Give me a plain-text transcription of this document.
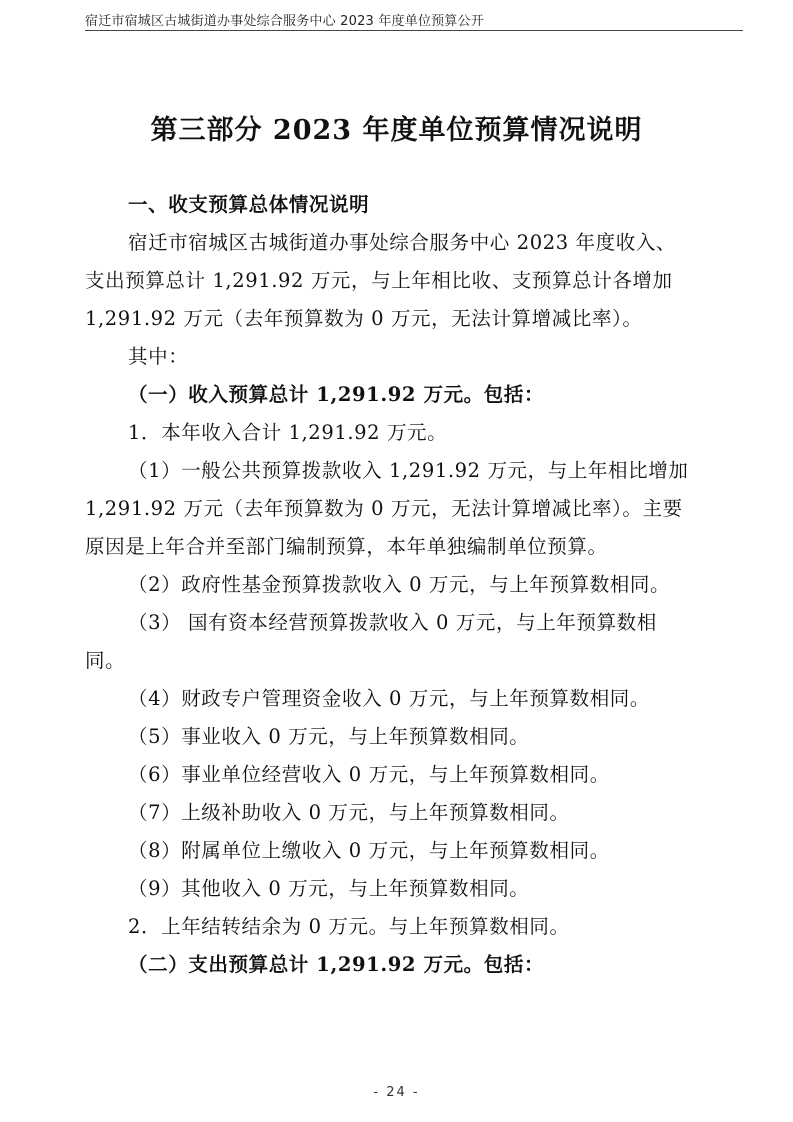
宿迁市宿城区古城街道办事处综合服务中心 2023 年度单位预算公开
第三部分 2023 年度单位预算情况说明

一、收支预算总体情况说明

宿迁市宿城区古城街道办事处综合服务中心 2023 年度收入、

支出预算总计 1,291.92 万元，与上年相比收、支预算总计各增加

1,291.92 万元（去年预算数为 0 万元，无法计算增减比率）。

其中：

（一）收入预算总计 1,291.92 万元。包括：

1．本年收入合计 1,291.92 万元。

（1）一般公共预算拨款收入 1,291.92 万元，与上年相比增加

1,291.92 万元（去年预算数为 0 万元，无法计算增减比率）。主要

原因是上年合并至部门编制预算，本年单独编制单位预算。

（2）政府性基金预算拨款收入 0 万元，与上年预算数相同。

（3） 国有资本经营预算拨款收入 0 万元，与上年预算数相

同。

（4）财政专户管理资金收入 0 万元，与上年预算数相同。

（5）事业收入 0 万元，与上年预算数相同。

（6）事业单位经营收入 0 万元，与上年预算数相同。

（7）上级补助收入 0 万元，与上年预算数相同。

（8）附属单位上缴收入 0 万元，与上年预算数相同。

（9）其他收入 0 万元，与上年预算数相同。

2．上年结转结余为 0 万元。与上年预算数相同。

（二）支出预算总计 1,291.92 万元。包括：

- 24 -
